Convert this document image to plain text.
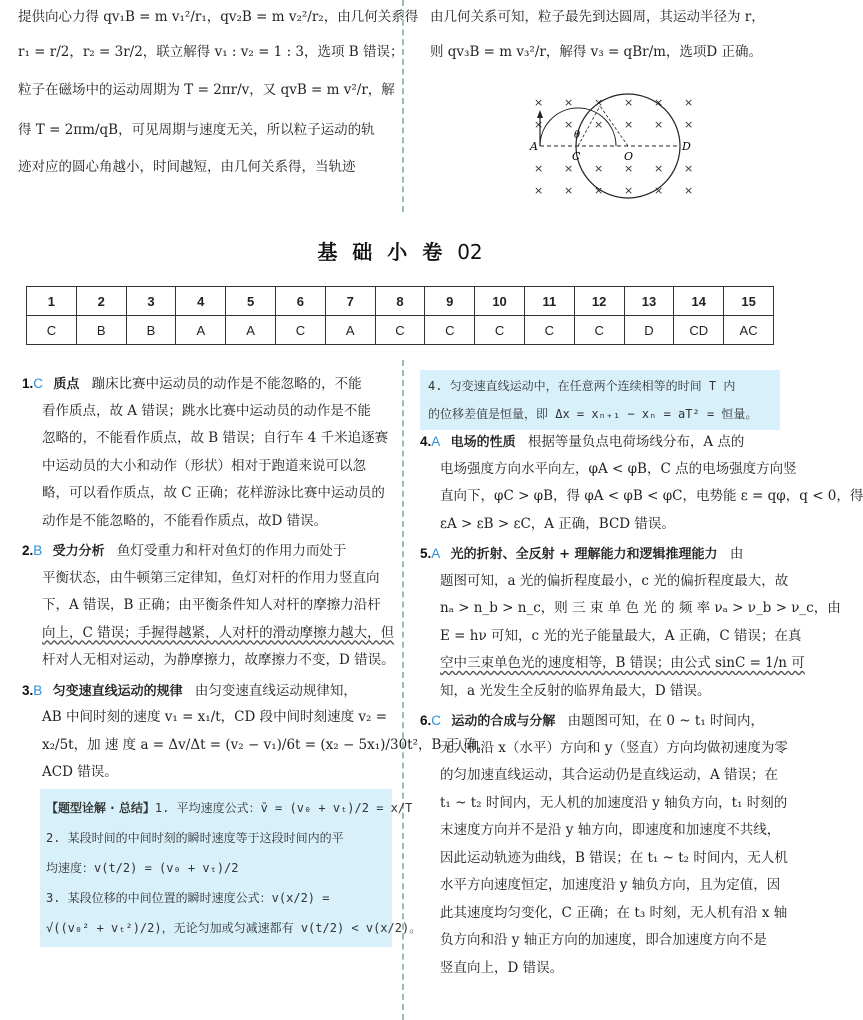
提供向心力得 qv₁B = m v₁²/r₁，qv₂B = m v₂²/r₂，由几何关系得
r₁ = r/2，r₂ = 3r/2，联立解得 v₁ : v₂ = 1 : 3，选项 B 错误；
粒子在磁场中的运动周期为 T = 2πr/v，又 qvB = m v²/r，解
得 T = 2πm/qB，可见周期与速度无关，所以粒子运动的轨
迹对应的圆心角越小，时间越短，由几何关系得，当轨迹
由几何关系可知，粒子最先到达圆周，其运动半径为 r，
则 qv₃B = m v₃²/r，解得 v₃ = qBr/m，选项D 正确。
× × × × × ×
× × × × × ×
× × × × × ×
× × × × × ×
A
C	O
D
θ
基 础 小 卷 02
1	2	3	4	5	6	7	8	9	10	11	12	13	14	15
C	B	B	A	A	C	A	C	C	C	C	C	D	CD	AC
1.C 质点 蹦床比赛中运动员的动作是不能忽略的，不能
看作质点，故 A 错误；跳水比赛中运动员的动作是不能
忽略的，不能看作质点，故 B 错误；自行车 4 千米追逐赛
中运动员的大小和动作（形状）相对于跑道来说可以忽
略，可以看作质点，故 C 正确；花样游泳比赛中运动员的
动作是不能忽略的，不能看作质点，故D 错误。
2.B 受力分析 鱼灯受重力和杆对鱼灯的作用力而处于
平衡状态，由牛顿第三定律知，鱼灯对杆的作用力竖直向
下，A 错误，B 正确；由平衡条件知人对杆的摩擦力沿杆
向上，C 错误；手握得越紧，人对杆的滑动摩擦力越大，但
杆对人无相对运动，为静摩擦力，故摩擦力不变，D 错误。
3.B 匀变速直线运动的规律 由匀变速直线运动规律知，
AB 中间时刻的速度 v₁ = x₁/t，CD 段中间时刻速度 v₂ =
x₂/5t，加 速 度 a = Δv/Δt = (v₂ − v₁)/6t = (x₂ − 5x₁)/30t²，B 正 确，
ACD 错误。
【题型诠解 · 总结】1. 平均速度公式：v̄ = (v₀ + vₜ)/2 = x/T
2. 某段时间的中间时刻的瞬时速度等于这段时间内的平
均速度：v(t/2) = (v₀ + vₜ)/2
3. 某段位移的中间位置的瞬时速度公式：v(x/2) =
√((v₀² + vₜ²)/2)，无论匀加或匀减速都有 v(t/2) < v(x/2)。
4. 匀变速直线运动中，在任意两个连续相等的时间 T 内
的位移差值是恒量，即 Δx = xₙ₊₁ − xₙ = aT² = 恒量。
4.A 电场的性质 根据等量负点电荷场线分布，A 点的
电场强度方向水平向左，φA < φB，C 点的电场强度方向竖
直向下，φC > φB，得 φA < φB < φC，电势能 ε = qφ，q < 0，得
εA > εB > εC，A 正确，BCD 错误。
5.A 光的折射、全反射 + 理解能力和逻辑推理能力 由
题图可知，a 光的偏折程度最小，c 光的偏折程度最大，故
nₐ > n_b > n_c，则 三 束 单 色 光 的 频 率 νₐ > ν_b > ν_c，由
E = hν 可知，c 光的光子能量最大，A 正确，C 错误；在真
空中三束单色光的速度相等，B 错误；由公式 sinC = 1/n 可
知，a 光发生全反射的临界角最大，D 错误。
6.C 运动的合成与分解 由题图可知，在 0 ~ t₁ 时间内，
无人机沿 x（水平）方向和 y（竖直）方向均做初速度为零
的匀加速直线运动，其合运动仍是直线运动，A 错误；在
t₁ ~ t₂ 时间内，无人机的加速度沿 y 轴负方向，t₁ 时刻的
末速度方向并不是沿 y 轴方向，即速度和加速度不共线，
因此运动轨迹为曲线，B 错误；在 t₁ ~ t₂ 时间内，无人机
水平方向速度恒定，加速度沿 y 轴负方向，且为定值，因
此其速度均匀变化，C 正确；在 t₃ 时刻，无人机有沿 x 轴
负方向和沿 y 轴正方向的加速度，即合加速度方向不是
竖直向上，D 错误。
